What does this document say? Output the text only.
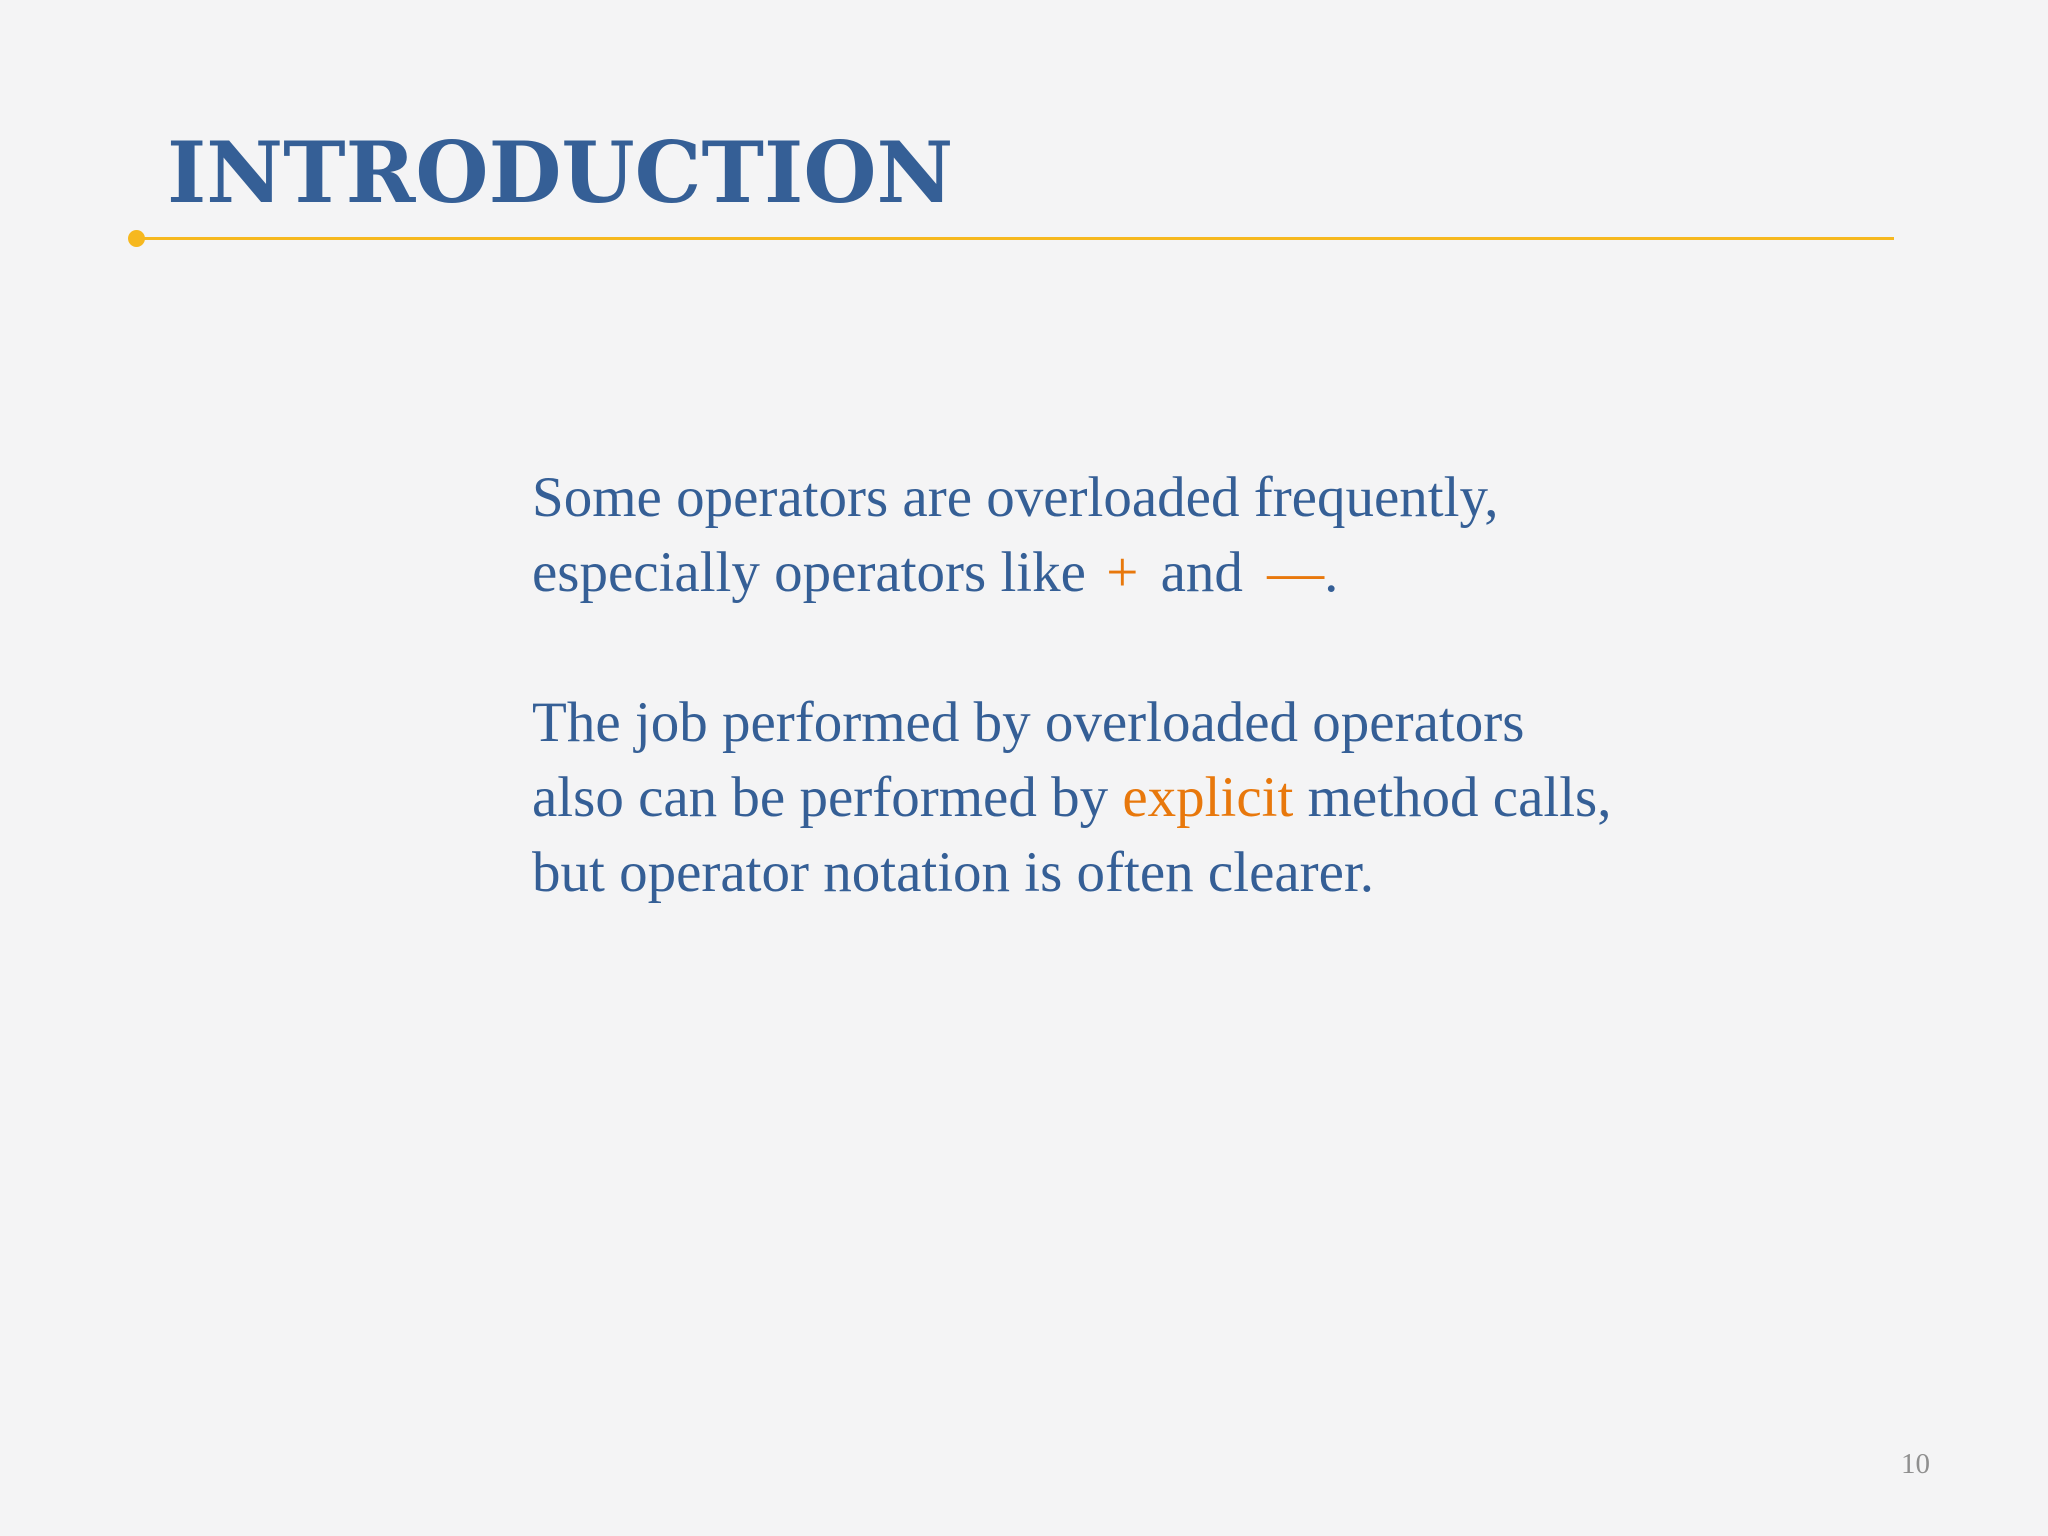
INTRODUCTION
Some operators are overloaded frequently,
especially operators like + and —.
The job performed by overloaded operators
also can be performed by explicit method calls,
but operator notation is often clearer.
10
